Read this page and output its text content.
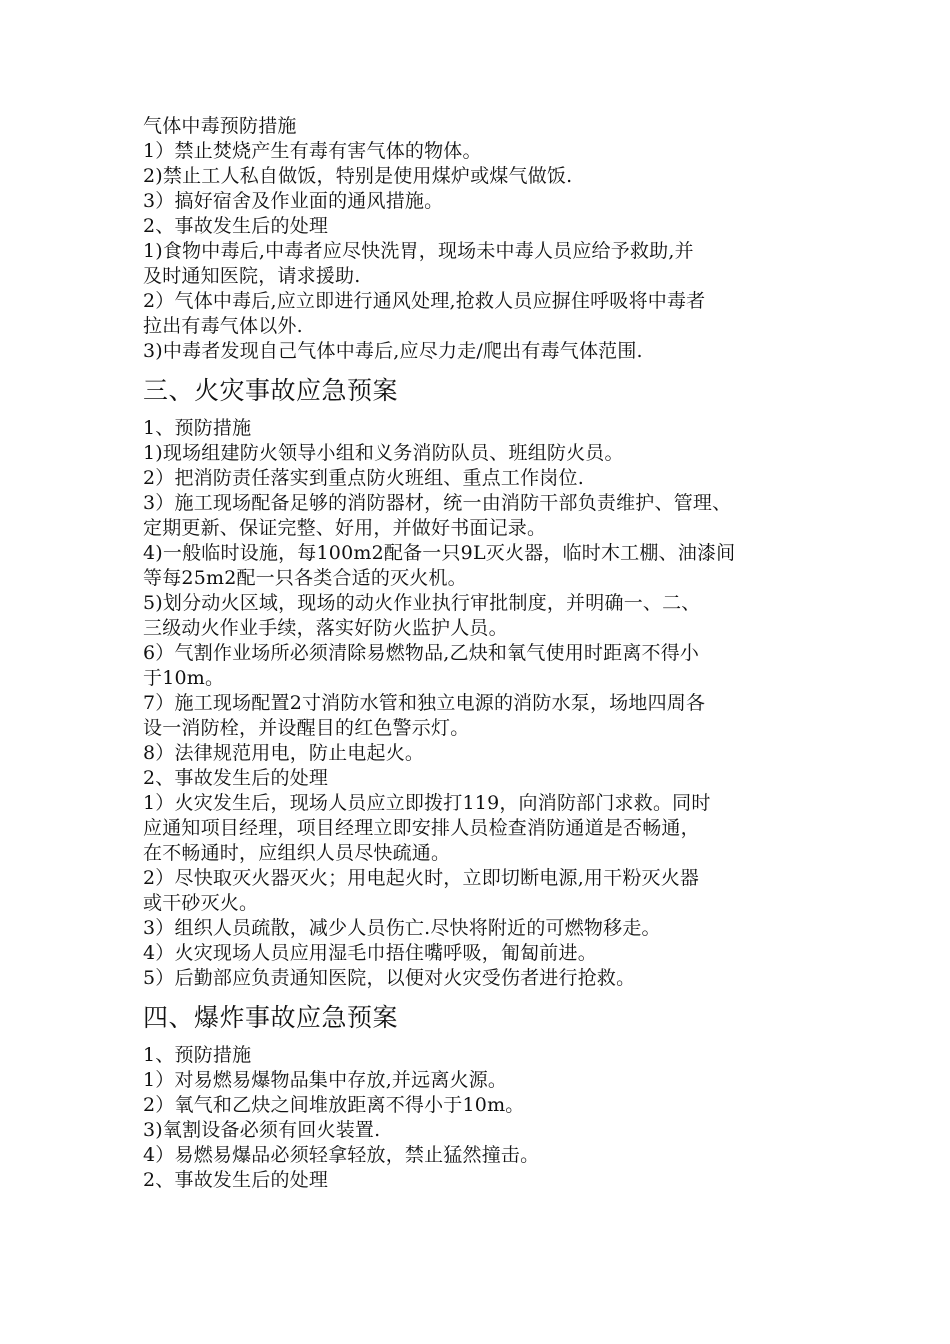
气体中毒预防措施
1）禁止焚烧产生有毒有害气体的物体。
2)禁止工人私自做饭，特别是使用煤炉或煤气做饭.
3）搞好宿舍及作业面的通风措施。
2、事故发生后的处理
1)食物中毒后,中毒者应尽快洗胃，现场未中毒人员应给予救助,并
及时通知医院，请求援助.
2）气体中毒后,应立即进行通风处理,抢救人员应摒住呼吸将中毒者
拉出有毒气体以外.
3)中毒者发现自己气体中毒后,应尽力走/爬出有毒气体范围.
三、火灾事故应急预案
1、预防措施
1)现场组建防火领导小组和义务消防队员、班组防火员。
2）把消防责任落实到重点防火班组、重点工作岗位.
3）施工现场配备足够的消防器材，统一由消防干部负责维护、管理、
定期更新、保证完整、好用，并做好书面记录。
4)一般临时设施，每100m2配备一只9L灭火器，临时木工棚、油漆间
等每25m2配一只各类合适的灭火机。
5)划分动火区域，现场的动火作业执行审批制度，并明确一、二、
三级动火作业手续，落实好防火监护人员。
6）气割作业场所必须清除易燃物品,乙炔和氧气使用时距离不得小
于10m。
7）施工现场配置2寸消防水管和独立电源的消防水泵，场地四周各
设一消防栓，并设醒目的红色警示灯。
8）法律规范用电，防止电起火。
2、事故发生后的处理
1）火灾发生后，现场人员应立即拨打119，向消防部门求救。同时
应通知项目经理，项目经理立即安排人员检查消防通道是否畅通，
在不畅通时，应组织人员尽快疏通。
2）尽快取灭火器灭火；用电起火时，立即切断电源,用干粉灭火器
或干砂灭火。
3）组织人员疏散，减少人员伤亡.尽快将附近的可燃物移走。
4）火灾现场人员应用湿毛巾捂住嘴呼吸，匍匐前进。
5）后勤部应负责通知医院，以便对火灾受伤者进行抢救。
四、爆炸事故应急预案
1、预防措施
1）对易燃易爆物品集中存放,并远离火源。
2）氧气和乙炔之间堆放距离不得小于10m。
3)氧割设备必须有回火装置.
4）易燃易爆品必须轻拿轻放，禁止猛然撞击。
2、事故发生后的处理
